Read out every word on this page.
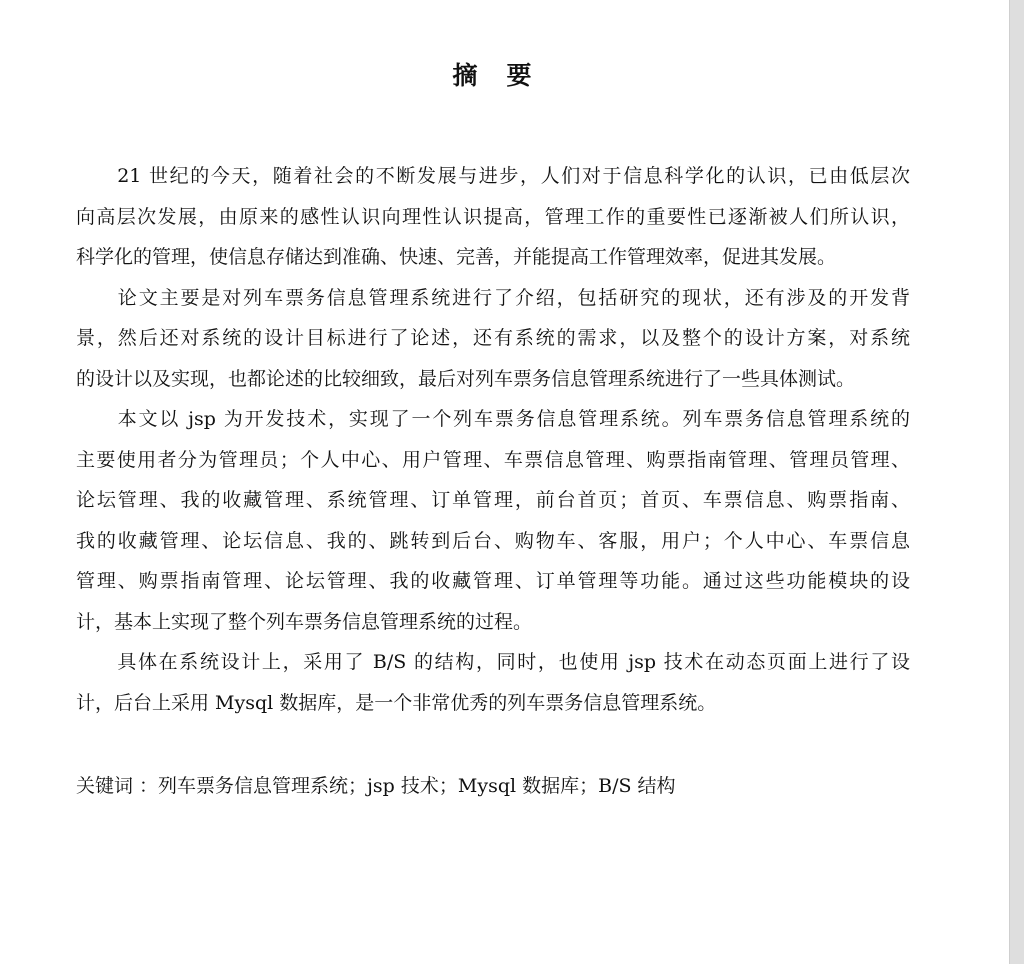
摘　要
　　21 世纪的今天，随着社会的不断发展与进步，人们对于信息科学化的认识，已由低层次
向高层次发展，由原来的感性认识向理性认识提高，管理工作的重要性已逐渐被人们所认识，
科学化的管理，使信息存储达到准确、快速、完善，并能提高工作管理效率，促进其发展。
　　论文主要是对列车票务信息管理系统进行了介绍，包括研究的现状，还有涉及的开发背
景，然后还对系统的设计目标进行了论述，还有系统的需求，以及整个的设计方案，对系统
的设计以及实现，也都论述的比较细致，最后对列车票务信息管理系统进行了一些具体测试。
　　本文以 jsp 为开发技术，实现了一个列车票务信息管理系统。列车票务信息管理系统的
主要使用者分为管理员；个人中心、用户管理、车票信息管理、购票指南管理、管理员管理、
论坛管理、我的收藏管理、系统管理、订单管理，前台首页；首页、车票信息、购票指南、
我的收藏管理、论坛信息、我的、跳转到后台、购物车、客服，用户；个人中心、车票信息
管理、购票指南管理、论坛管理、我的收藏管理、订单管理等功能。通过这些功能模块的设
计，基本上实现了整个列车票务信息管理系统的过程。
　　具体在系统设计上，采用了 B/S 的结构，同时，也使用 jsp 技术在动态页面上进行了设
计，后台上采用 Mysql 数据库，是一个非常优秀的列车票务信息管理系统。
关键词 ：列车票务信息管理系统；jsp 技术；Mysql 数据库；B/S 结构
